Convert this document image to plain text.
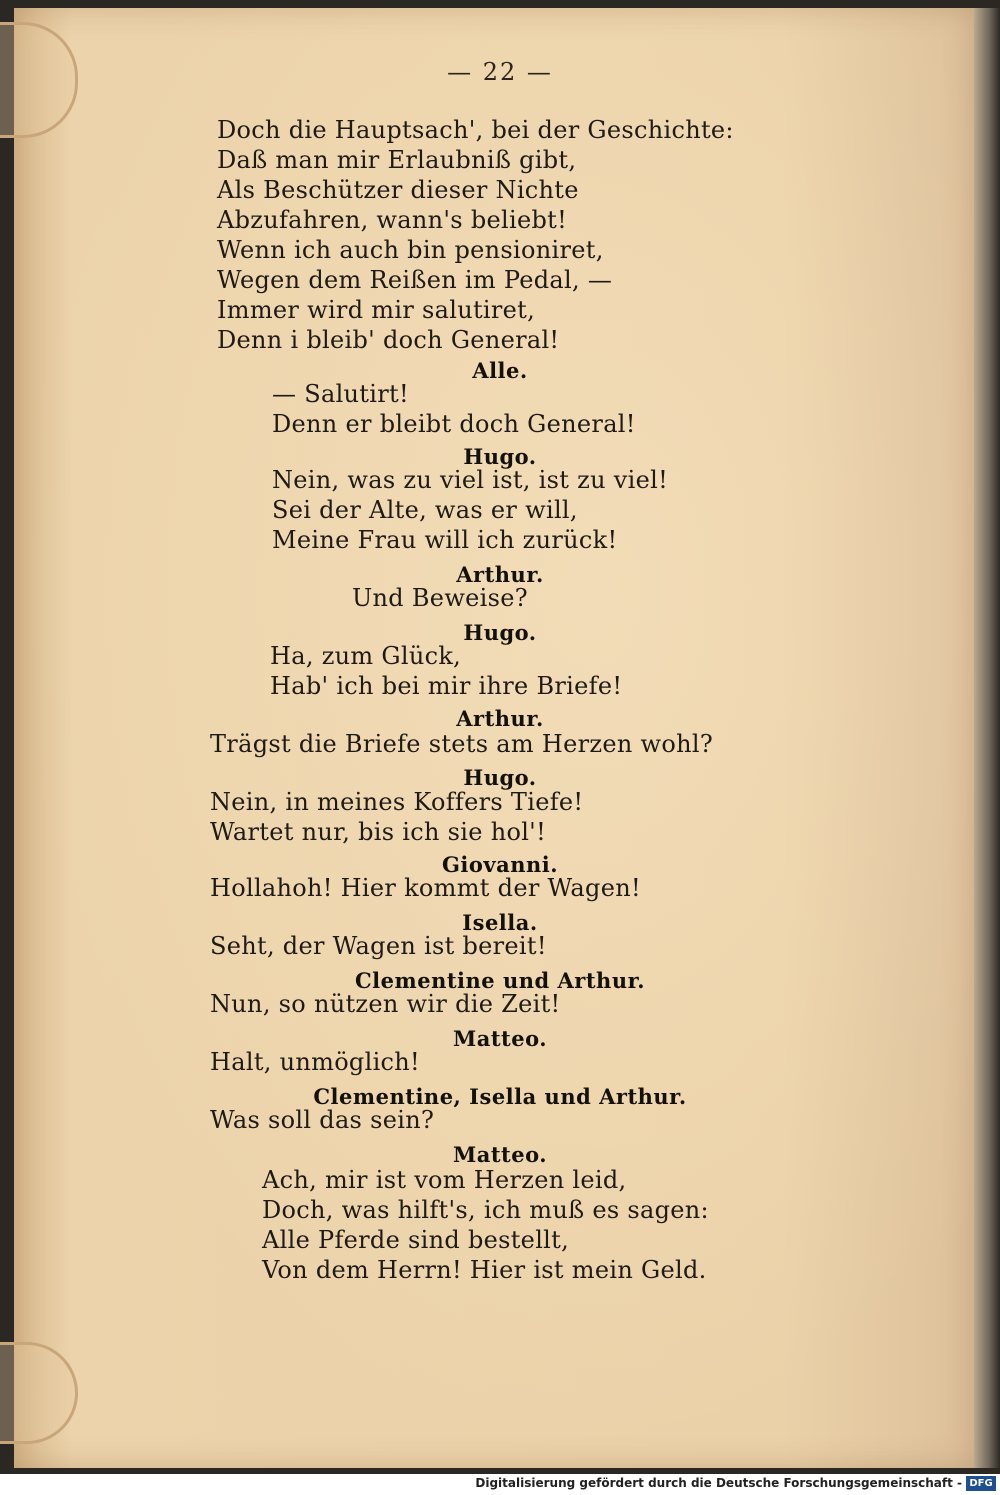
— 22 —
Doch die Hauptsach', bei der Geschichte:
Daß man mir Erlaubniß gibt,
Als Beschützer dieser Nichte
Abzufahren, wann's beliebt!
Wenn ich auch bin pensioniret,
Wegen dem Reißen im Pedal, —
Immer wird mir salutiret,
Denn i bleib' doch General!
Alle.
— Salutirt!
Denn er bleibt doch General!
Hugo.
Nein, was zu viel ist, ist zu viel!
Sei der Alte, was er will,
Meine Frau will ich zurück!
Arthur.
Und Beweise?
Hugo.
Ha, zum Glück,
Hab' ich bei mir ihre Briefe!
Arthur.
Trägst die Briefe stets am Herzen wohl?
Hugo.
Nein, in meines Koffers Tiefe!
Wartet nur, bis ich sie hol'!
Giovanni.
Hollahoh! Hier kommt der Wagen!
Isella.
Seht, der Wagen ist bereit!
Clementine und Arthur.
Nun, so nützen wir die Zeit!
Matteo.
Halt, unmöglich!
Clementine, Isella und Arthur.
Was soll das sein?
Matteo.
Ach, mir ist vom Herzen leid,
Doch, was hilft's, ich muß es sagen:
Alle Pferde sind bestellt,
Von dem Herrn! Hier ist mein Geld.
Digitalisierung gefördert durch die Deutsche Forschungsgemeinschaft - DFG
